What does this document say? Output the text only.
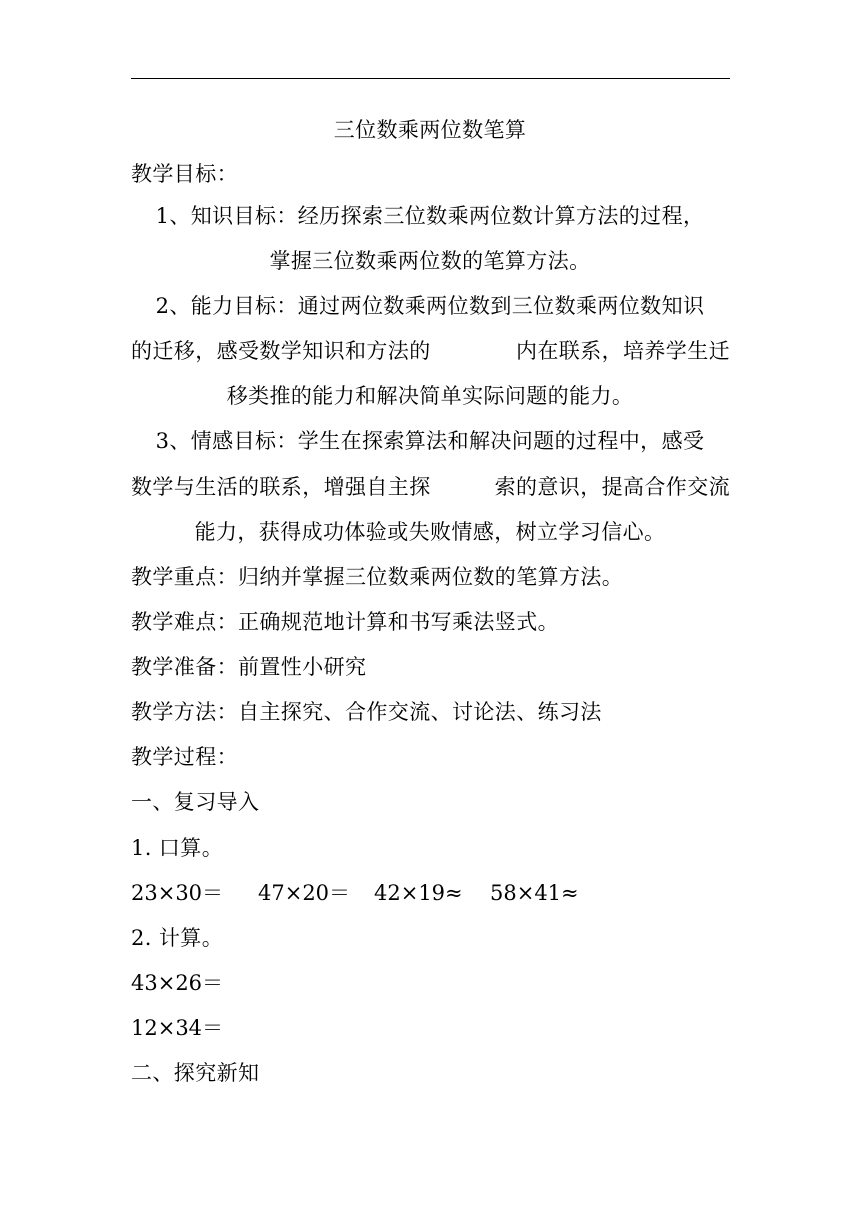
三位数乘两位数笔算
教学目标：
1、知识目标：经历探索三位数乘两位数计算方法的过程，
掌握三位数乘两位数的笔算方法。
2、能力目标：通过两位数乘两位数到三位数乘两位数知识
的迁移，感受数学知识和方法的	内在联系，培养学生迁
移类推的能力和解决简单实际问题的能力。
3、情感目标：学生在探索算法和解决问题的过程中，感受
数学与生活的联系，增强自主探	索的意识，提高合作交流
能力，获得成功体验或失败情感，树立学习信心。
教学重点：归纳并掌握三位数乘两位数的笔算方法。
教学难点：正确规范地计算和书写乘法竖式。
教学准备：前置性小研究
教学方法：自主探究、合作交流、讨论法、练习法
教学过程：
一、复习导入
1. 口算。
23×30＝ 47×20＝ 42×19≈ 58×41≈
2. 计算。
43×26＝
12×34＝
二、探究新知
